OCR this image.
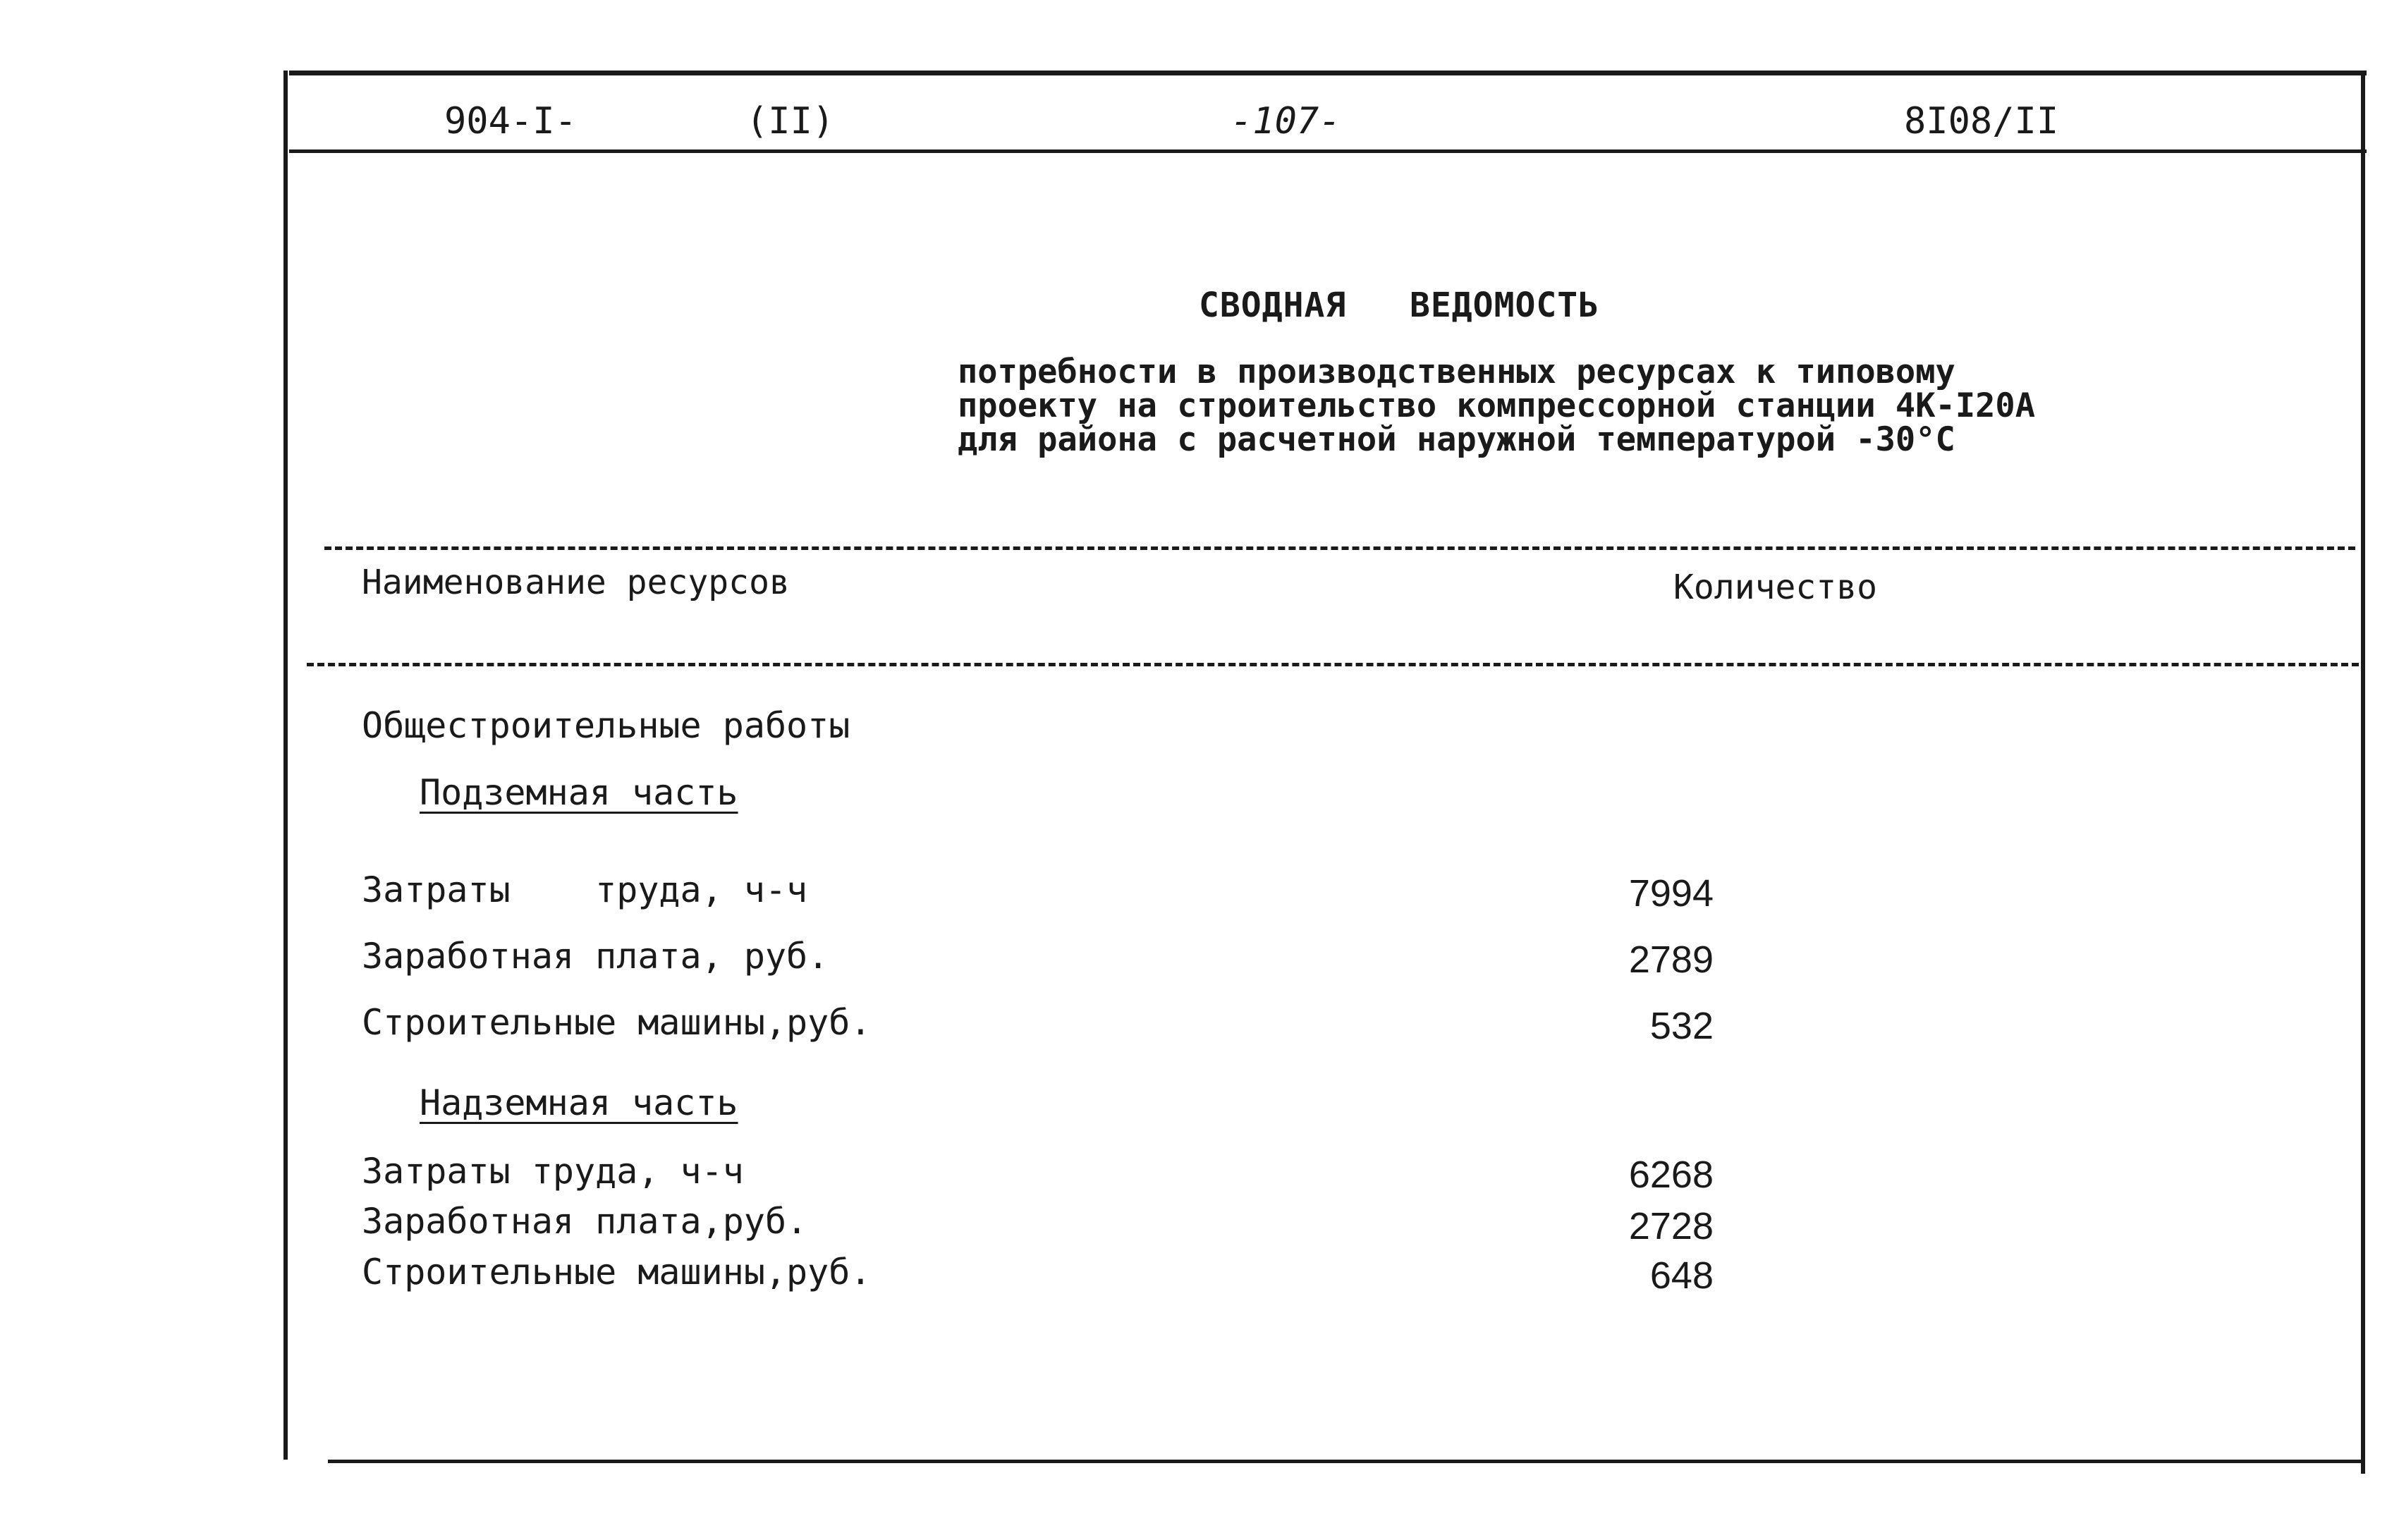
904-I-	(II)	-107-	8I08/II
СВОДНАЯ   ВЕДОМОСТЬ
потребности в производственных ресурсах к типовому
проекту на строительство компрессорной станции 4К-I20А
для района с расчетной наружной температурой -30°С
Наименование ресурсов	Количество
Общестроительные работы
Подземная часть
Затраты    труда, ч-ч	7994
Заработная плата, руб.	2789
Строительные машины,руб.	532
Надземная часть
Затраты труда, ч-ч	6268
Заработная плата,руб.	2728
Строительные машины,руб.	648
